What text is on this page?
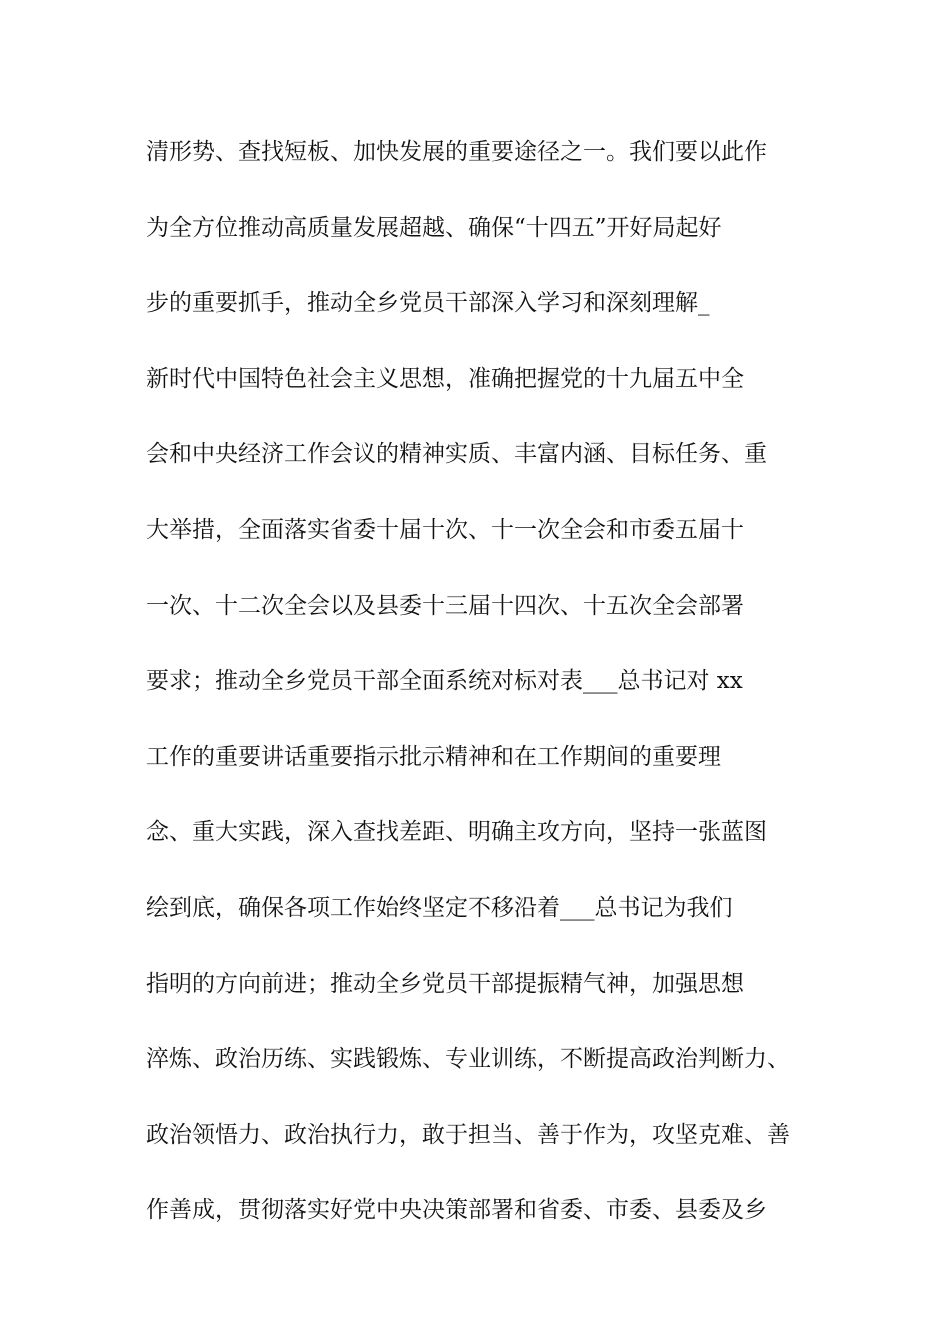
清形势、查找短板、加快发展的重要途径之一。我们要以此作
为全方位推动高质量发展超越、确保“十四五”开好局起好
步的重要抓手，推动全乡党员干部深入学习和深刻理解_
新时代中国特色社会主义思想，准确把握党的十九届五中全
会和中央经济工作会议的精神实质、丰富内涵、目标任务、重
大举措，全面落实省委十届十次、十一次全会和市委五届十
一次、十二次全会以及县委十三届十四次、十五次全会部署
要求；推动全乡党员干部全面系统对标对表___总书记对 xx
工作的重要讲话重要指示批示精神和在工作期间的重要理
念、重大实践，深入查找差距、明确主攻方向，坚持一张蓝图
绘到底，确保各项工作始终坚定不移沿着___总书记为我们
指明的方向前进；推动全乡党员干部提振精气神，加强思想
淬炼、政治历练、实践锻炼、专业训练，不断提高政治判断力、
政治领悟力、政治执行力，敢于担当、善于作为，攻坚克难、善
作善成，贯彻落实好党中央决策部署和省委、市委、县委及乡
